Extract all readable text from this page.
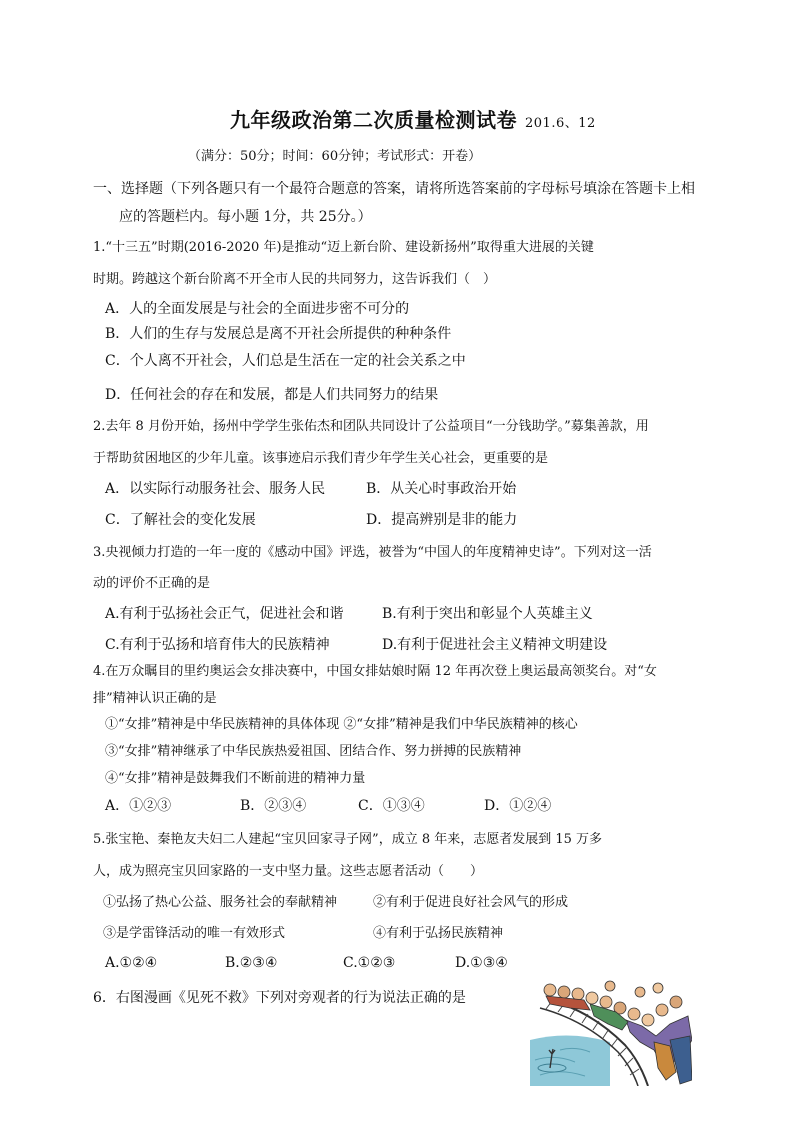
九年级政治第二次质量检测试卷 201.6、12
（满分：50分；时间：60分钟；考试形式：开卷）
一、选择题（下列各题只有一个最符合题意的答案，请将所选答案前的字母标号填涂在答题卡上相
应的答题栏内。每小题 1分，共 25分。）
1.“十三五”时期(2016-2020 年)是推动“迈上新台阶、建设新扬州”取得重大进展的关键
时期。跨越这个新台阶离不开全市人民的共同努力，这告诉我们（　）
A．人的全面发展是与社会的全面进步密不可分的
B．人们的生存与发展总是离不开社会所提供的种种条件
C．个人离不开社会，人们总是生活在一定的社会关系之中
D．任何社会的存在和发展，都是人们共同努力的结果
2.去年 8 月份开始，扬州中学学生张佑杰和团队共同设计了公益项目“一分钱助学。”募集善款，用
于帮助贫困地区的少年儿童。该事迹启示我们青少年学生关心社会，更重要的是
A．以实际行动服务社会、服务人民	B．从关心时事政治开始
C．了解社会的变化发展	D．提高辨别是非的能力
3.央视倾力打造的一年一度的《感动中国》评选，被誉为“中国人的年度精神史诗”。下列对这一活
动的评价不正确的是
A.有利于弘扬社会正气，促进社会和谐	B.有利于突出和彰显个人英雄主义
C.有利于弘扬和培育伟大的民族精神	D.有利于促进社会主义精神文明建设
4.在万众瞩目的里约奥运会女排决赛中，中国女排姑娘时隔 12 年再次登上奥运最高领奖台。对“女
排”精神认识正确的是
①“女排”精神是中华民族精神的具体体现 ②“女排”精神是我们中华民族精神的核心
③“女排”精神继承了中华民族热爱祖国、团结合作、努力拼搏的民族精神
④“女排”精神是鼓舞我们不断前进的精神力量
A．①②③	B．②③④	C．①③④	D．①②④
5.张宝艳、秦艳友夫妇二人建起“宝贝回家寻子网”，成立 8 年来，志愿者发展到 15 万多
人，成为照亮宝贝回家路的一支中坚力量。这些志愿者活动（　　）
①弘扬了热心公益、服务社会的奉献精神	②有利于促进良好社会风气的形成
③是学雷锋活动的唯一有效形式	④有利于弘扬民族精神
A.①②④	B.②③④	C.①②③	D.①③④
6．右图漫画《见死不救》下列对旁观者的行为说法正确的是
